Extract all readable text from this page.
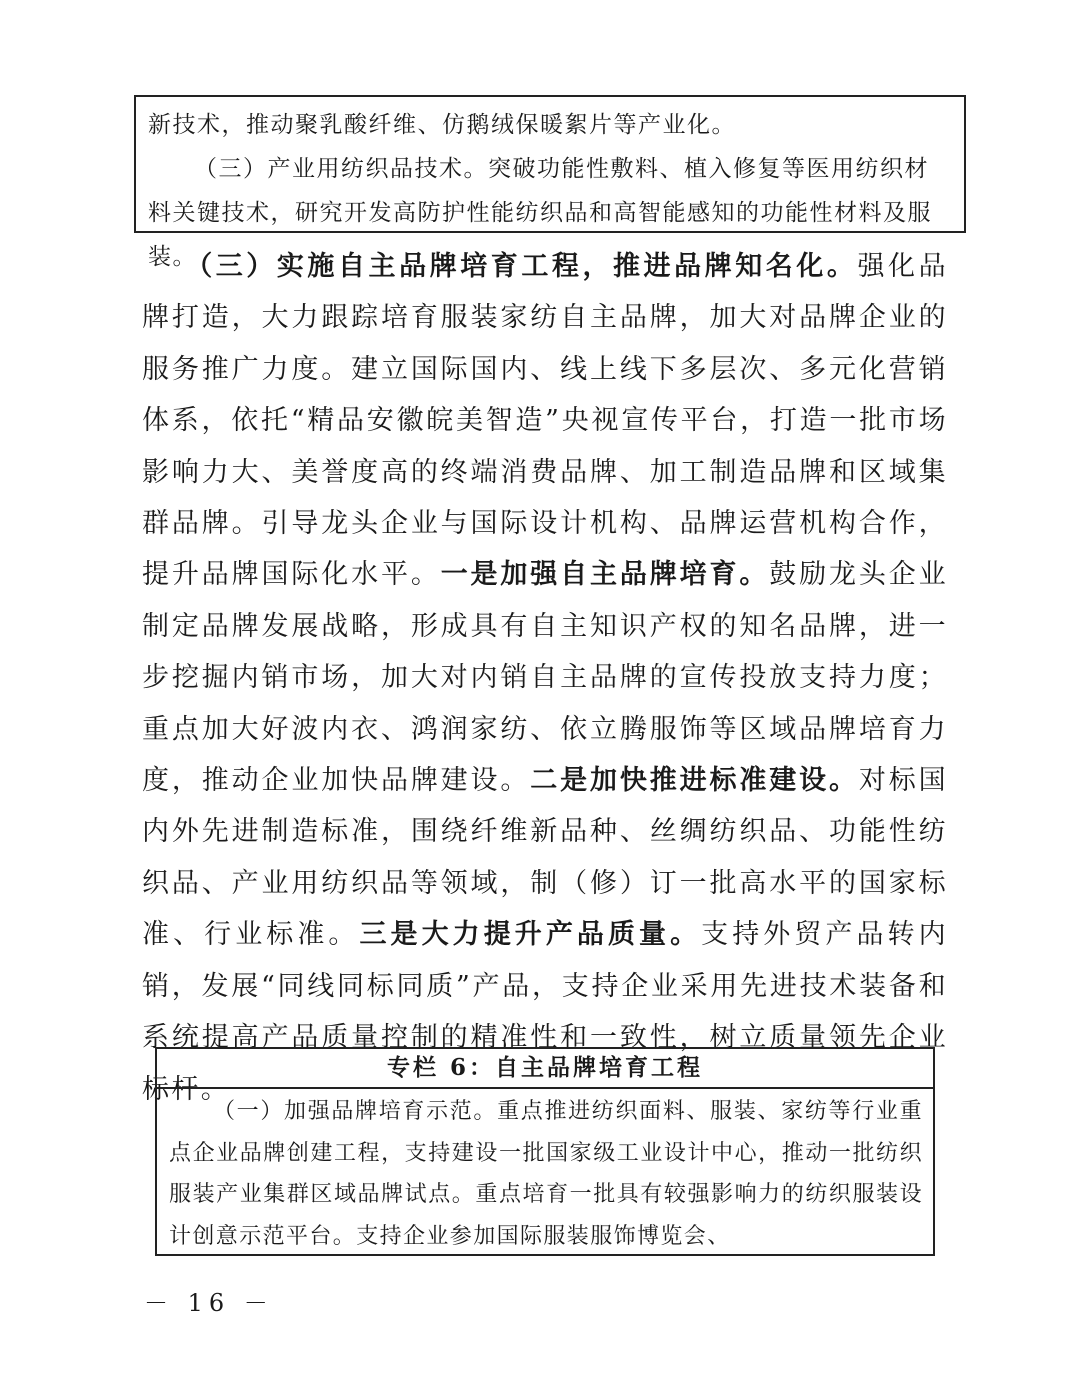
新技术，推动聚乳酸纤维、仿鹅绒保暖絮片等产业化。

（三）产业用纺织品技术。突破功能性敷料、植入修复等医用纺织材料关键技术，研究开发高防护性能纺织品和高智能感知的功能性材料及服装。

（三）实施自主品牌培育工程，推进品牌知名化。强化品牌打造，大力跟踪培育服装家纺自主品牌，加大对品牌企业的服务推广力度。建立国际国内、线上线下多层次、多元化营销体系，依托“精品安徽皖美智造”央视宣传平台，打造一批市场影响力大、美誉度高的终端消费品牌、加工制造品牌和区域集群品牌。引导龙头企业与国际设计机构、品牌运营机构合作，提升品牌国际化水平。一是加强自主品牌培育。鼓励龙头企业制定品牌发展战略，形成具有自主知识产权的知名品牌，进一步挖掘内销市场，加大对内销自主品牌的宣传投放支持力度；重点加大好波内衣、鸿润家纺、依立腾服饰等区域品牌培育力度，推动企业加快品牌建设。二是加快推进标准建设。对标国内外先进制造标准，围绕纤维新品种、丝绸纺织品、功能性纺织品、产业用纺织品等领域，制（修）订一批高水平的国家标准、行业标准。三是大力提升产品质量。支持外贸产品转内销，发展“同线同标同质”产品，支持企业采用先进技术装备和系统提高产品质量控制的精准性和一致性，树立质量领先企业标杆。

专栏 6：自主品牌培育工程
（一）加强品牌培育示范。重点推进纺织面料、服装、家纺等行业重点企业品牌创建工程，支持建设一批国家级工业设计中心，推动一批纺织服装产业集群区域品牌试点。重点培育一批具有较强影响力的纺织服装设计创意示范平台。支持企业参加国际服装服饰博览会、
－ 16 －
